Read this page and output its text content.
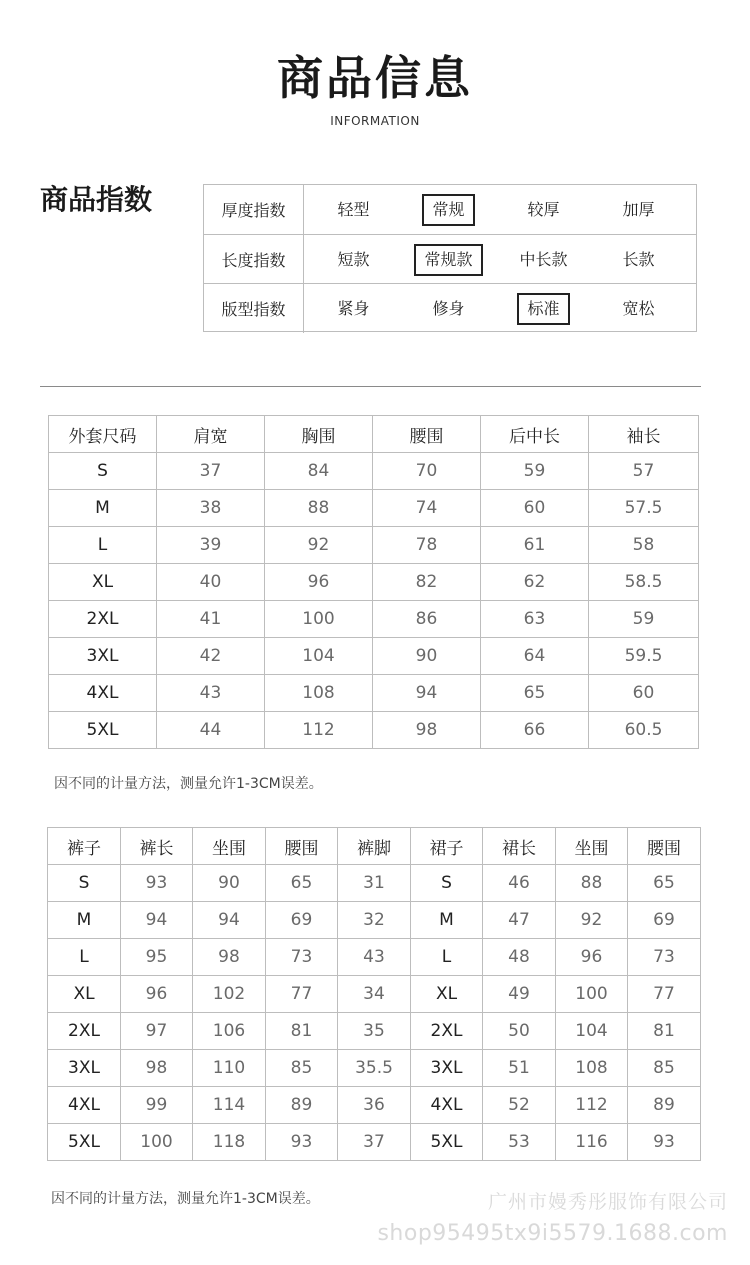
商品信息
INFORMATION
商品指数	厚度指数	轻型	常规	较厚	加厚
长度指数	短款	常规款	中长款	长款
版型指数	紧身	修身	标准	宽松
外套尺码	肩宽	胸围	腰围	后中长	袖长
S	37	84	70	59	57
M	38	88	74	60	57.5
L	39	92	78	61	58
XL	40	96	82	62	58.5
2XL	41	100	86	63	59
3XL	42	104	90	64	59.5
4XL	43	108	94	65	60
5XL	44	112	98	66	60.5
因不同的计量方法，测量允许1-3CM误差。
裤子	裤长	坐围	腰围	裤脚	裙子	裙长	坐围	腰围
S	93	90	65	31	S	46	88	65
M	94	94	69	32	M	47	92	69
L	95	98	73	43	L	48	96	73
XL	96	102	77	34	XL	49	100	77
2XL	97	106	81	35	2XL	50	104	81
3XL	98	110	85	35.5	3XL	51	108	85
4XL	99	114	89	36	4XL	52	112	89
5XL	100	118	93	37	5XL	53	116	93
因不同的计量方法，测量允许1-3CM误差。	广州市嫚秀彤服饰有限公司
shop95495tx9i5579.1688.com
